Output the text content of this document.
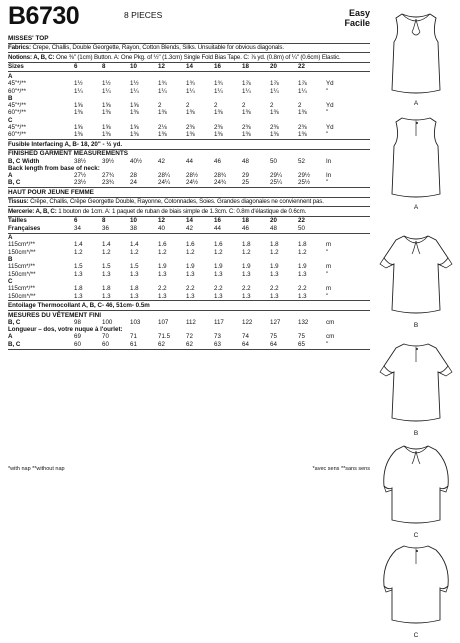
B6730	8 PIECES	Easy
Facile
MISSES' TOP
Fabrics: Crepe, Challis, Double Georgette, Rayon, Cotton Blends, Silks. Unsuitable for obvious diagonals.
Notions: A, B, C: One ⅜" (1cm) Button. A: One Pkg. of ½" (1.3cm) Single Fold Bias Tape. C: ⅞ yd. (0.8m) of ¼" (0.6cm) Elastic.
Sizes	6	8	10	12	14	16	18	20	22
A
45"*/**	1½	1½	1½	1¾	1¾	1¾	1⅞	1⅞	1⅞	Yd
60"*/**	1¼	1¼	1¼	1¼	1¼	1¼	1¼	1¼	1¼	"
B
45"*/**	1⅝	1⅝	1⅝	2	2	2	2	2	2	Yd
60"*/**	1⅜	1⅜	1⅜	1⅜	1⅜	1⅜	1⅜	1⅜	1⅜	"
C
45"*/**	1⅝	1⅝	1⅝	2⅛	2⅜	2⅜	2⅜	2⅜	2⅜	Yd
60"*/**	1⅜	1⅜	1⅜	1⅜	1⅜	1⅜	1⅜	1⅜	1⅜	"
Fusible Interfacing A, B- 18, 20" - ½ yd.
FINISHED GARMENT MEASUREMENTS
B, C Width	38½	39½	40½	42	44	46	48	50	52	In
Back length from base of neck:
A	27½	27¾	28	28¼	28½	28¾	29	29¼	29½	In
B, C	23½	23¾	24	24¼	24½	24¾	25	25¼	25½	"
HAUT POUR JEUNE FEMME
Tissus: Crêpe, Challis, Crêpe Georgette Double, Rayonne, Cotonnades, Soies. Grandes diagonales ne conviennent pas.
Mercerie: A, B, C: 1 bouton de 1cm. A: 1 paquet de ruban de biais simple de 1.3cm. C: 0.8m d'élastique de 0.6cm.
Tailles	6	8	10	12	14	16	18	20	22
Françaises	34	36	38	40	42	44	46	48	50
A
115cm*/**	1.4	1.4	1.4	1.6	1.6	1.6	1.8	1.8	1.8	m
150cm*/**	1.2	1.2	1.2	1.2	1.2	1.2	1.2	1.2	1.2	"
B
115cm*/**	1.5	1.5	1.5	1.9	1.9	1.9	1.9	1.9	1.9	m
150cm*/**	1.3	1.3	1.3	1.3	1.3	1.3	1.3	1.3	1.3	"
C
115cm*/**	1.8	1.8	1.8	2.2	2.2	2.2	2.2	2.2	2.2	m
150cm*/**	1.3	1.3	1.3	1.3	1.3	1.3	1.3	1.3	1.3	"
Entoilage Thermocollant A, B, C- 46, 51cm- 0.5m
MESURES DU VÊTEMENT FINI
B, C	98	100	103	107	112	117	122	127	132	cm
Longueur – dos, votre nuque à l'ourlet:
A	69	70	71	71.5	72	73	74	75	75	cm
B, C	60	60	61	62	62	63	64	64	65	"
*with nap **without nap	*avec sens **sans sens
A
A
B
B
C
C
